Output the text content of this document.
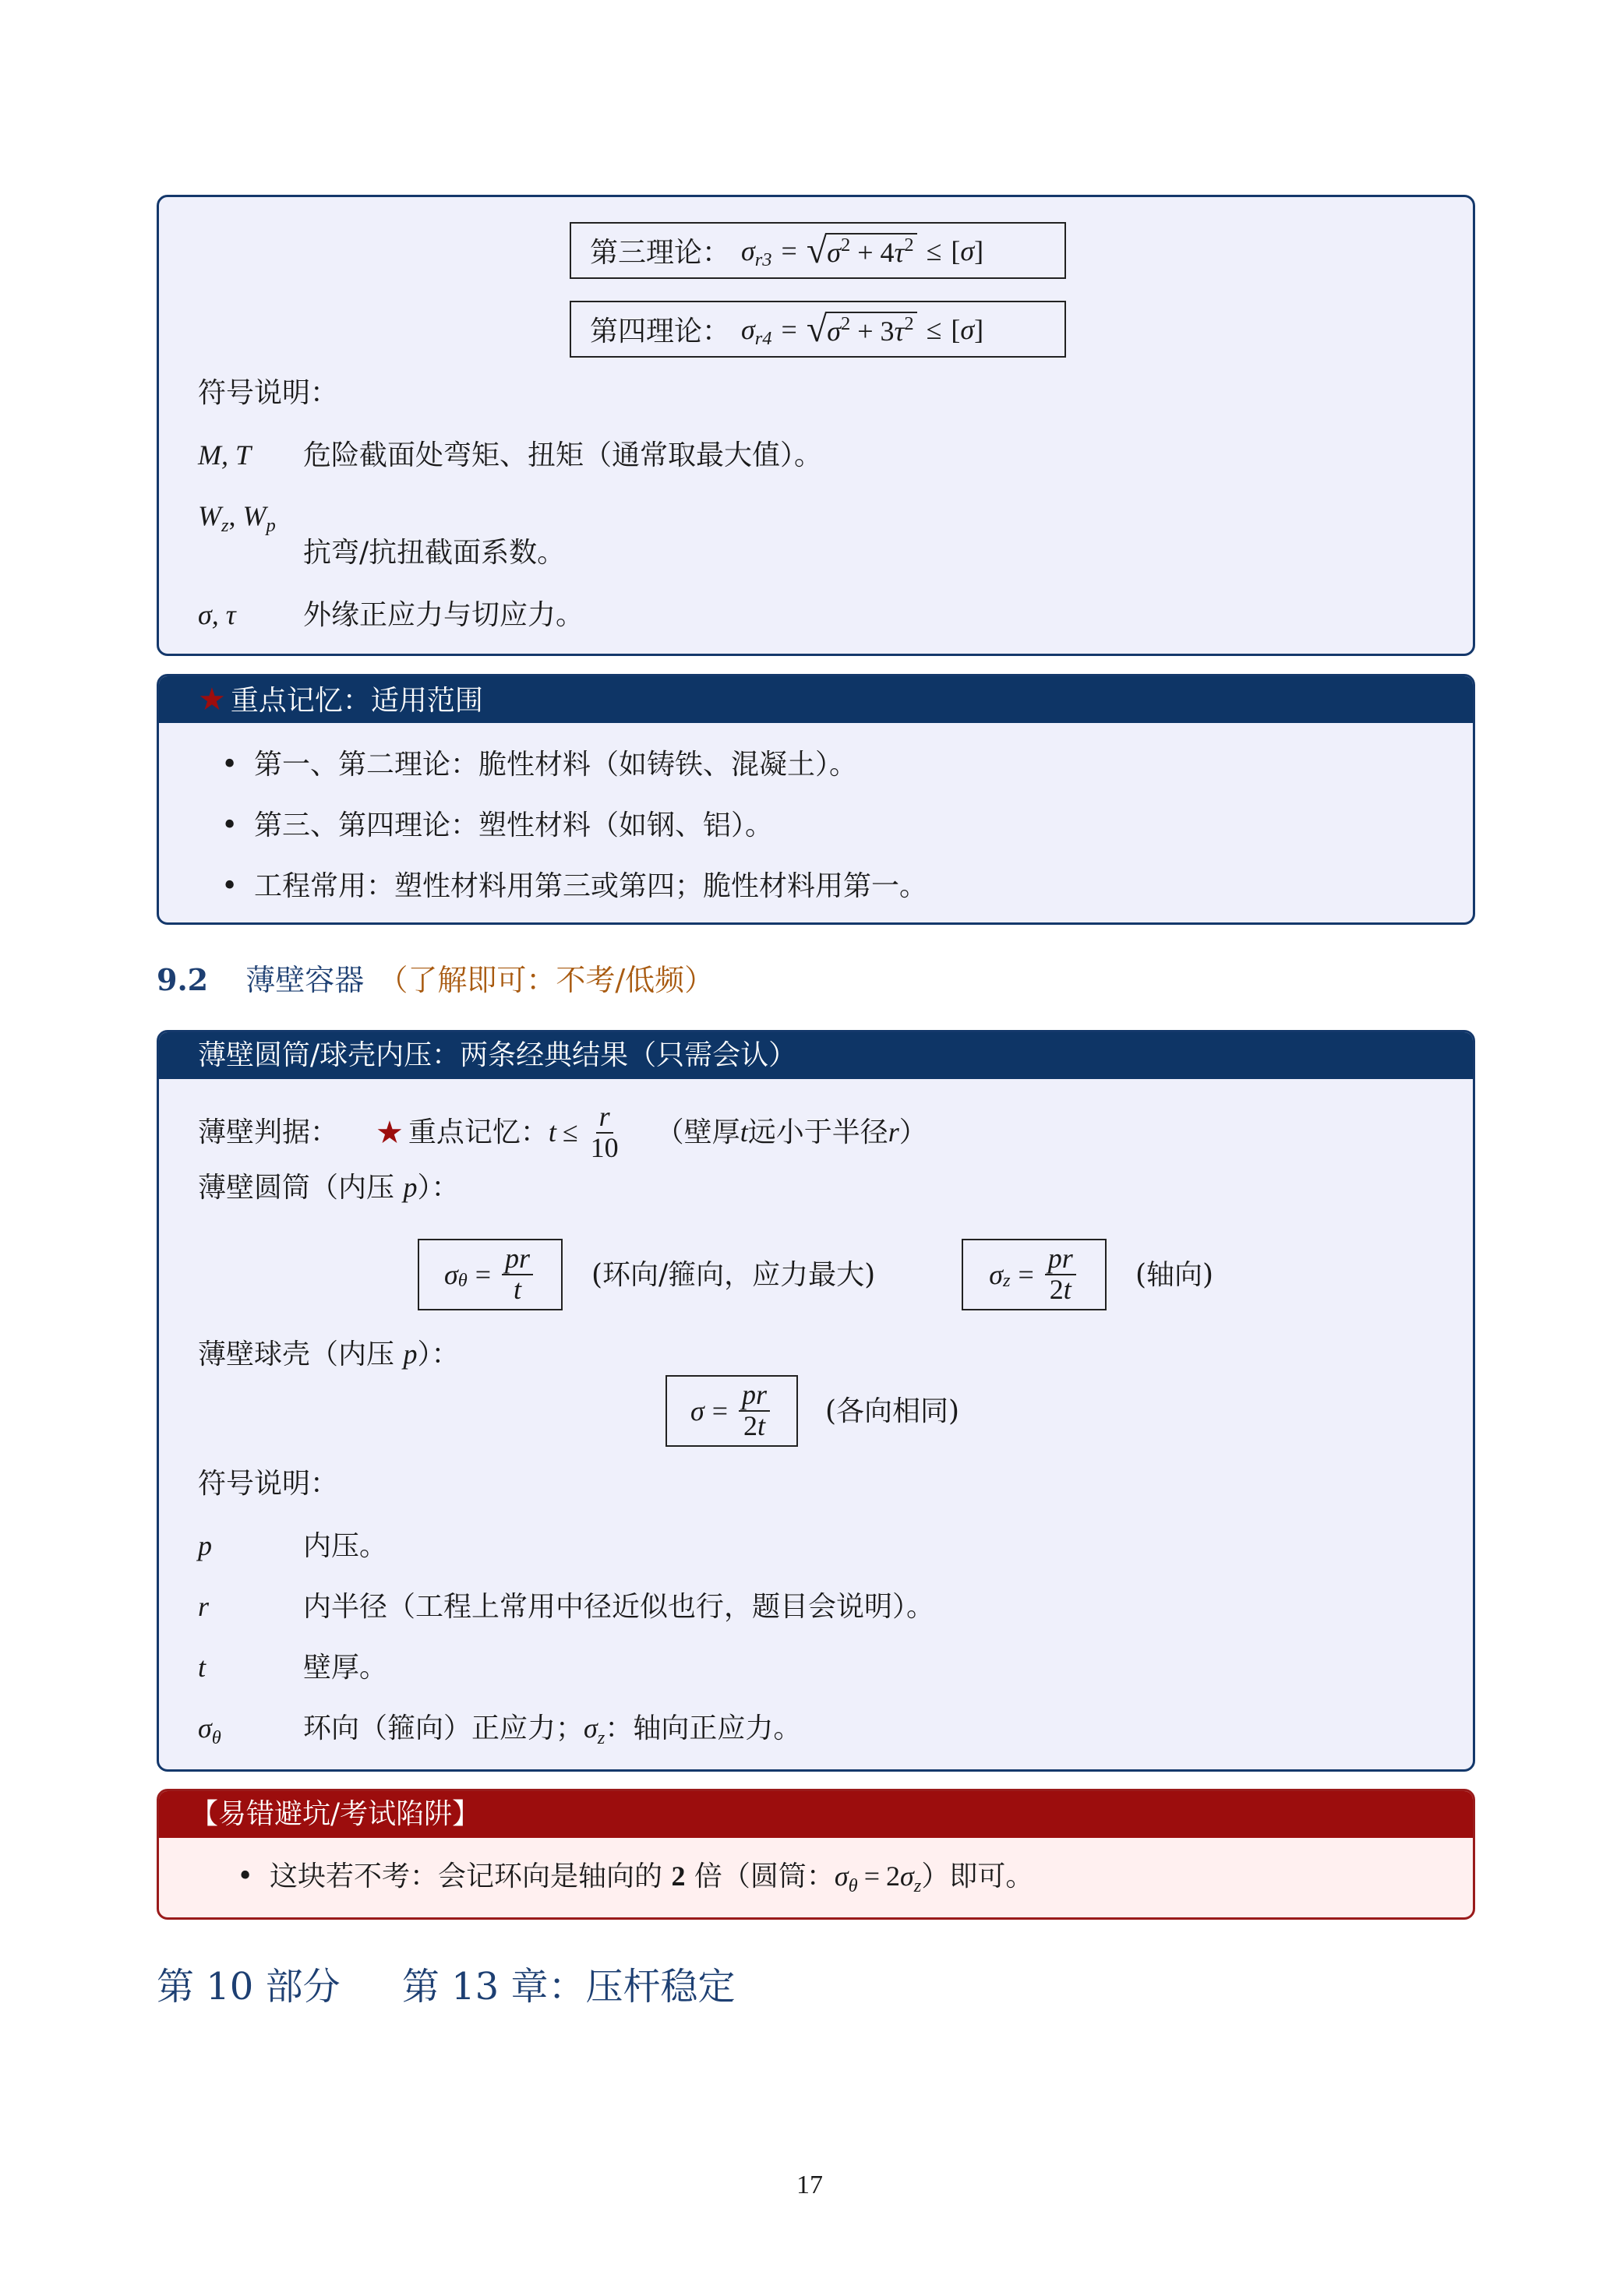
第三理论： $\sigma_{r3}$ = √ $\sigma^2 + 4\tau^2$ ≤ [ σ ]
第四理论： $\sigma_{r4}$ = √ $\sigma^2 + 3\tau^2$ ≤ [ σ ]
符号说明：
M, T 危险截面处弯矩、扭矩（通常取最大值）。
$W_z$, $W_p$
抗弯/抗扭截面系数。
σ, τ 外缘正应力与切应力。
★ 重点记忆：适用范围
• 第一、第二理论：脆性材料（如铸铁、混凝土）。
• 第三、第四理论：塑性材料（如钢、铝）。
• 工程常用：塑性材料用第三或第四；脆性材料用第一。
9.2 薄壁容器 （了解即可：不考/低频）
薄壁圆筒/球壳内压：两条经典结果（只需会认）
薄壁判据： ★ 重点记忆： $t \le \frac{r}{10}$ （壁厚 t 远小于半径 r ）
薄壁圆筒（内压 p）：
σ $\theta = \frac{pr}{t}$ (环向/箍向，应力最大)	σ $z = \frac{pr}{2t}$ (轴向)
薄壁球壳（内压 p）：
$\sigma = \frac{pr}{2t}$ (各向相同)
符号说明：
p	内压。
r	内半径（工程上常用中径近似也行，题目会说明）。
t	壁厚。
$\sigma_\theta$	环向（箍向）正应力；$\sigma_z$：轴向正应力。
【易错避坑/考试陷阱】
• 这块若不考：会记环向是轴向的 2 倍（圆筒：$\sigma_\theta = 2\sigma_z$）即可。
第 10 部分 第 13 章：压杆稳定
17
